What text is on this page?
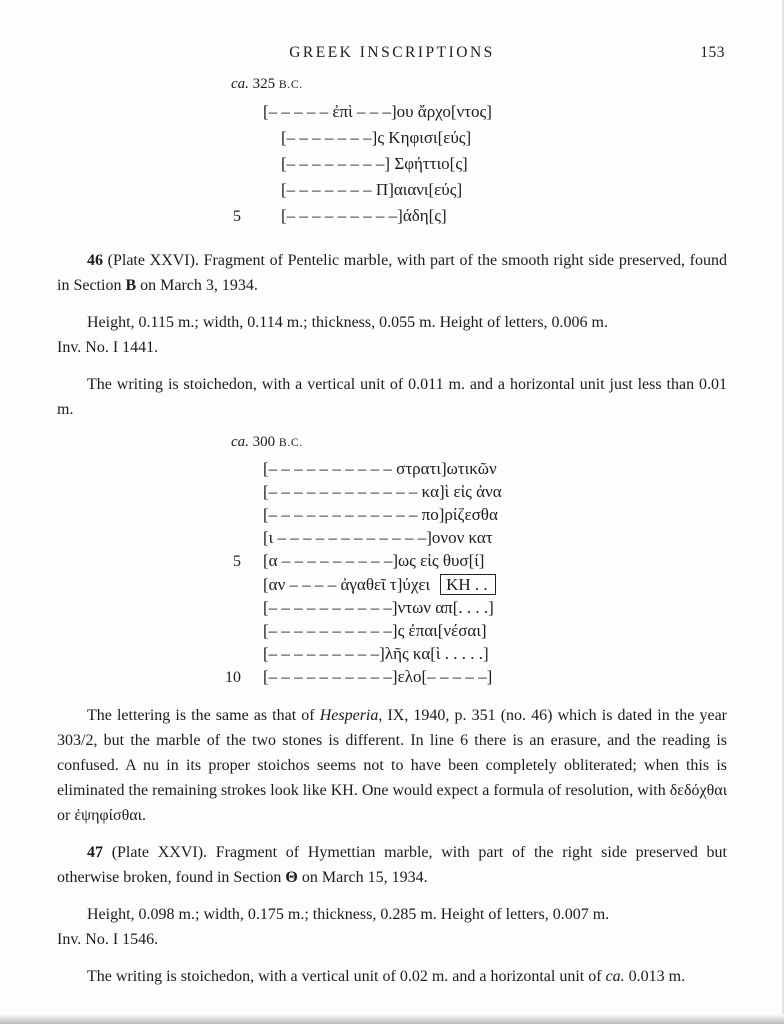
GREEK INSCRIPTIONS	153
ca. 325 B.C.
[– – – – – ἐπὶ – – –]ου ἄρχο[ντος]
[– – – – – – –]ς Κηφισι[εύς]
[– – – – – – – –] Σφήττιο[ς]
[– – – – – – – Π]αιανι[εύς]
5	[– – – – – – – – –]άδη[ς]

46 (Plate XXVI). Fragment of Pentelic marble, with part of the smooth right side preserved, found in Section B on March 3, 1934.

Height, 0.115 m.; width, 0.114 m.; thickness, 0.055 m. Height of letters, 0.006 m.
Inv. No. I 1441.

The writing is stoichedon, with a vertical unit of 0.011 m. and a horizontal unit just less than 0.01 m.

ca. 300 B.C.
[– – – – – – – – – – στρατι]ωτικῶν
[– – – – – – – – – – – – κα]ὶ εἰς ἀνα
[– – – – – – – – – – – – πο]ρίζεσθα
[ι – – – – – – – – – – – –]ονον κατ
5	[α – – – – – – – – –]ως εἰς θυσ[ί]
[αν – – – – ἀγαθεῖ τ]ύχει ΚΗ . .
[– – – – – – – – – –]ντων απ[. . . .]
[– – – – – – – – – –]ς ἐπαι[νέσαι]
[– – – – – – – – –]λῆς κα[ὶ . . . . .]
10	[– – – – – – – – – –]ελο[– – – – –]

The lettering is the same as that of Hesperia, IX, 1940, p. 351 (no. 46) which is dated in the year 303/2, but the marble of the two stones is different. In line 6 there is an erasure, and the reading is confused. A nu in its proper stoichos seems not to have been completely obliterated; when this is eliminated the remaining strokes look like ΚΗ. One would expect a formula of resolution, with δεδόχθαι or ἐψηφίσθαι.

47 (Plate XXVI). Fragment of Hymettian marble, with part of the right side preserved but otherwise broken, found in Section Θ on March 15, 1934.

Height, 0.098 m.; width, 0.175 m.; thickness, 0.285 m. Height of letters, 0.007 m.
Inv. No. I 1546.

The writing is stoichedon, with a vertical unit of 0.02 m. and a horizontal unit of ca. 0.013 m.
